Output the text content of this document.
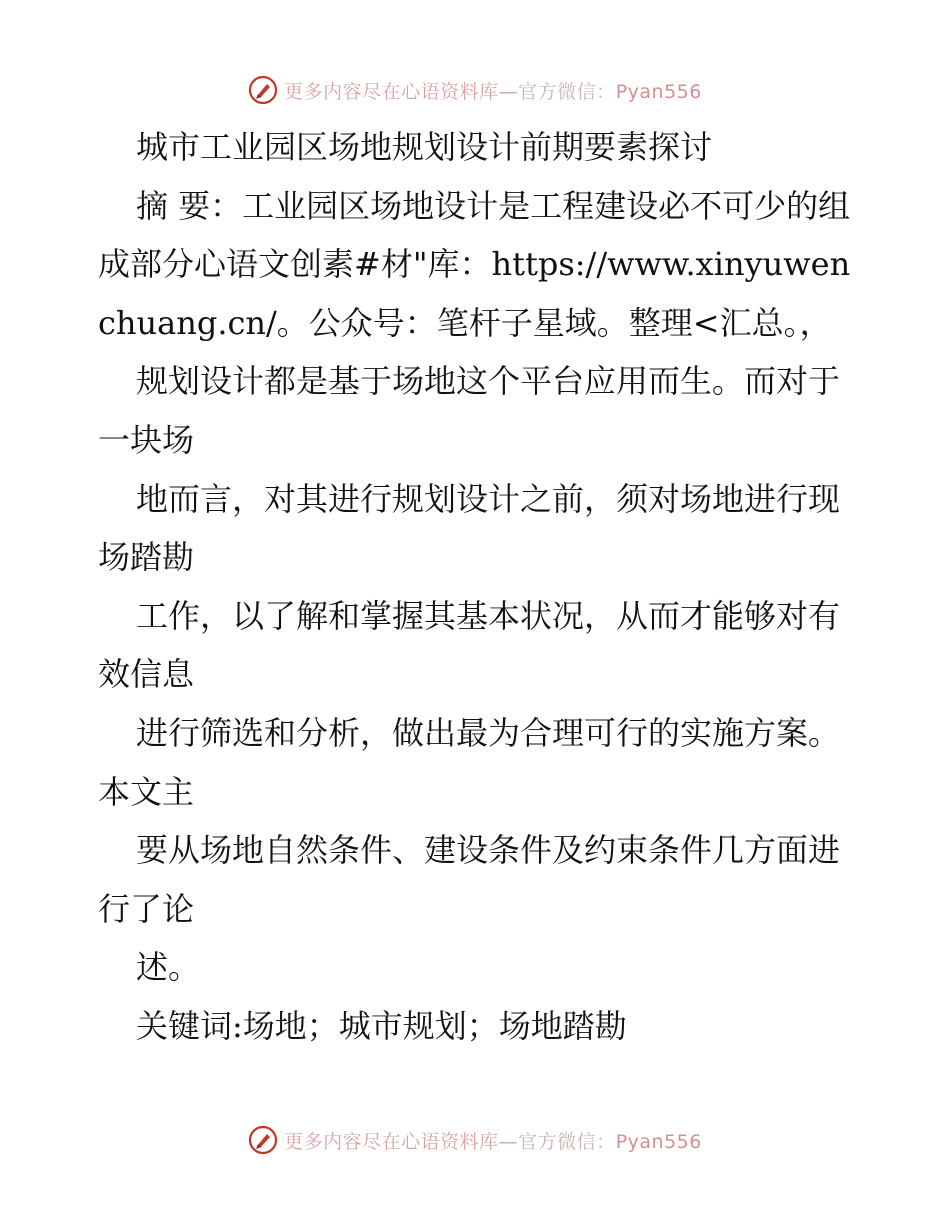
更多内容尽在心语资料库—官方微信：Pyan556

城市工业园区场地规划设计前期要素探讨

摘 要：工业园区场地设计是工程建设必不可少的组成部分心语文创素#材"库：https://www.xinyuwenchuang.cn/。公众号：笔杆子星域。整理<汇总。，

规划设计都是基于场地这个平台应用而生。而对于一块场

地而言，对其进行规划设计之前，须对场地进行现场踏勘

工作，以了解和掌握其基本状况，从而才能够对有效信息

进行筛选和分析，做出最为合理可行的实施方案。本文主

要从场地自然条件、建设条件及约束条件几方面进行了论

述。

关键词:场地；城市规划；场地踏勘

更多内容尽在心语资料库—官方微信：Pyan556
